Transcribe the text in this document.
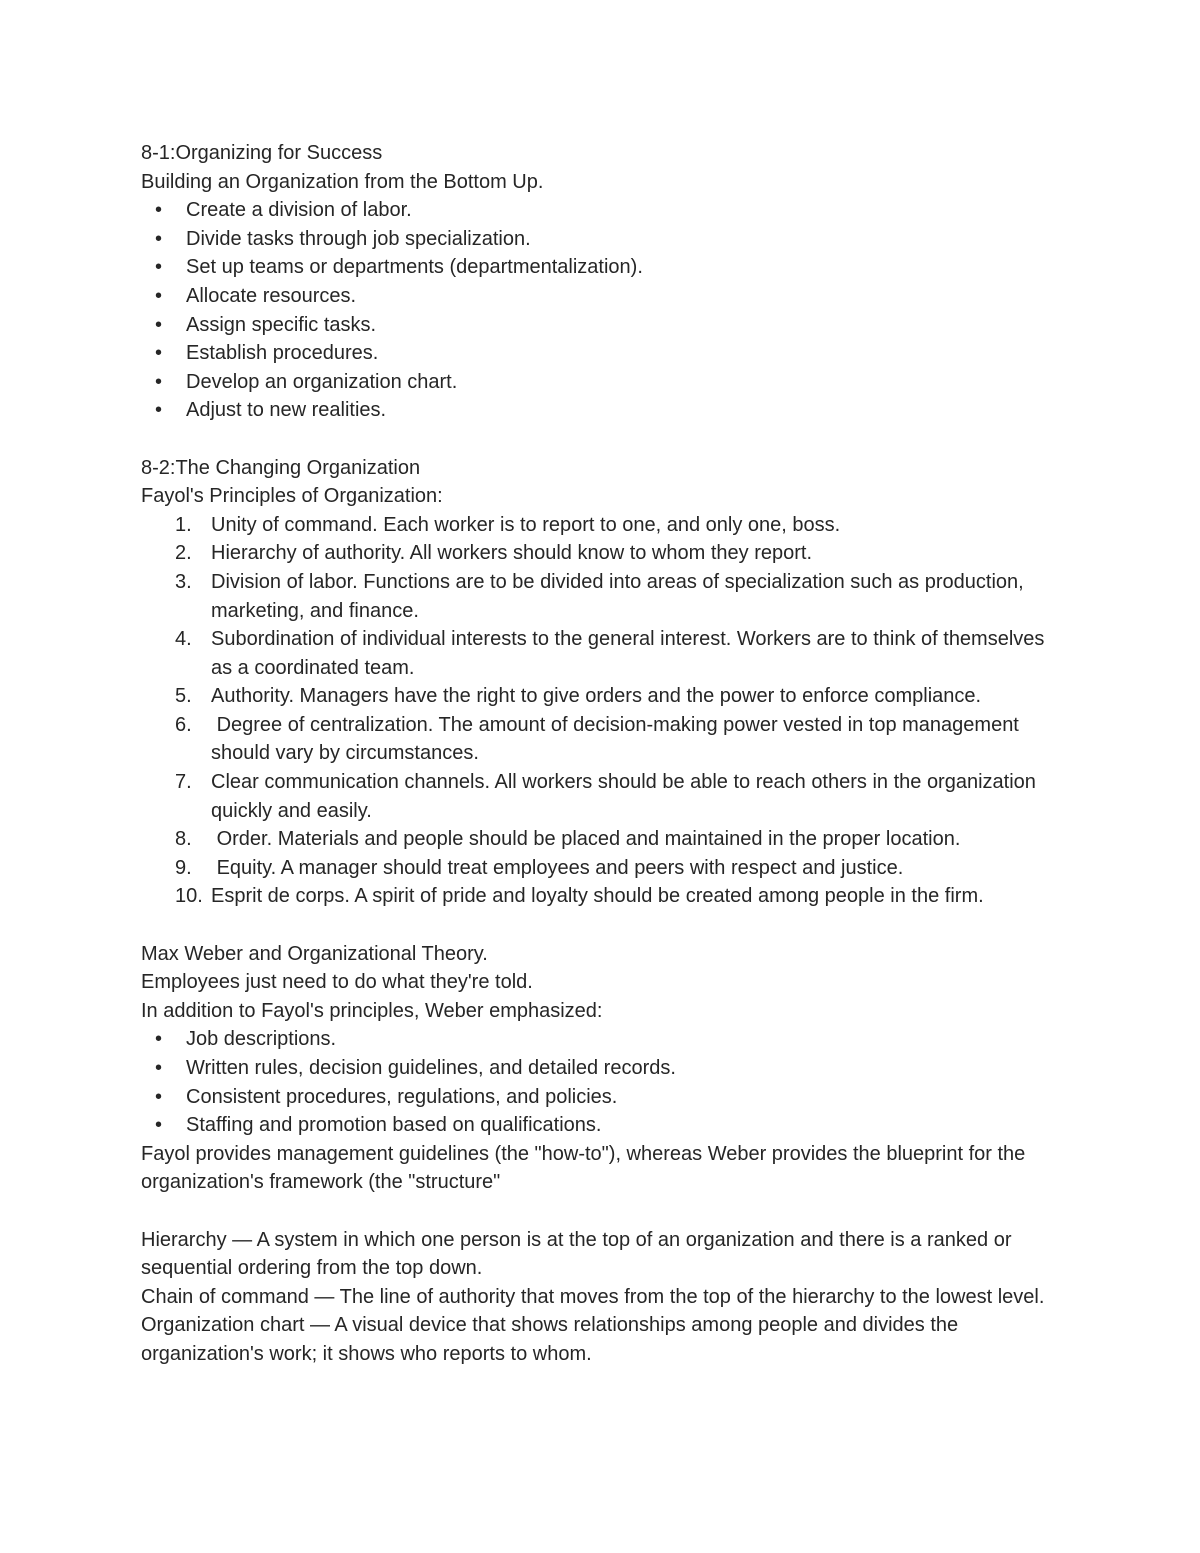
8-1:Organizing for Success
Building an Organization from the Bottom Up.
• Create a division of labor.
• Divide tasks through job specialization.
• Set up teams or departments (departmentalization).
• Allocate resources.
• Assign specific tasks.
• Establish procedures.
• Develop an organization chart.
• Adjust to new realities.
8-2:The Changing Organization
Fayol's Principles of Organization:
1. Unity of command. Each worker is to report to one, and only one, boss.
2. Hierarchy of authority. All workers should know to whom they report.
3. Division of labor. Functions are to be divided into areas of specialization such as production, marketing, and finance.
4. Subordination of individual interests to the general interest. Workers are to think of themselves as a coordinated team.
5. Authority. Managers have the right to give orders and the power to enforce compliance.
6. Degree of centralization. The amount of decision-making power vested in top management should vary by circumstances.
7. Clear communication channels. All workers should be able to reach others in the organization quickly and easily.
8. Order. Materials and people should be placed and maintained in the proper location.
9. Equity. A manager should treat employees and peers with respect and justice.
10. Esprit de corps. A spirit of pride and loyalty should be created among people in the firm.
Max Weber and Organizational Theory.
Employees just need to do what they're told.
In addition to Fayol's principles, Weber emphasized:
• Job descriptions.
• Written rules, decision guidelines, and detailed records.
• Consistent procedures, regulations, and policies.
• Staffing and promotion based on qualifications.
Fayol provides management guidelines (the "how-to"), whereas Weber provides the blueprint for the organization's framework (the "structure"
Hierarchy — A system in which one person is at the top of an organization and there is a ranked or sequential ordering from the top down.
Chain of command — The line of authority that moves from the top of the hierarchy to the lowest level.
Organization chart — A visual device that shows relationships among people and divides the organization's work; it shows who reports to whom.
